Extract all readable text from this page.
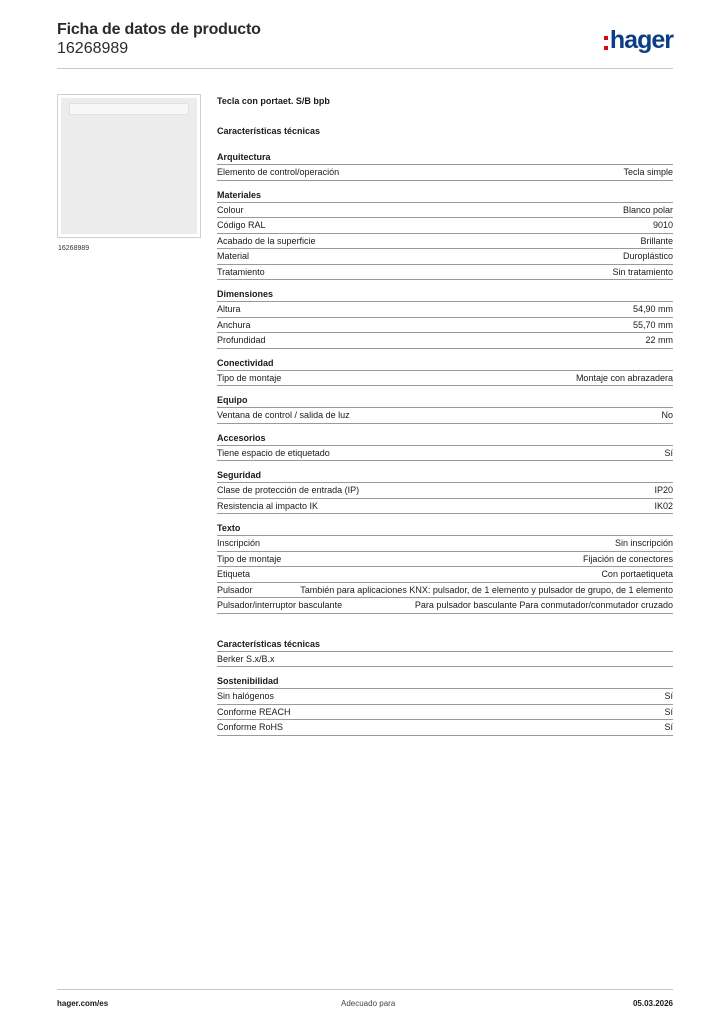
Ficha de datos de producto
16268989	hager
16268989
Tecla con portaet. S/B bpb
Características técnicas
Arquitectura
Elemento de control/operación	Tecla simple
Materiales
Colour	Blanco polar
Código RAL	9010
Acabado de la superficie	Brillante
Material	Duroplástico
Tratamiento	Sin tratamiento
Dimensiones
Altura	54,90 mm
Anchura	55,70 mm
Profundidad	22 mm
Conectividad
Tipo de montaje	Montaje con abrazadera
Equipo
Ventana de control / salida de luz	No
Accesorios
Tiene espacio de etiquetado	Sí
Seguridad
Clase de protección de entrada (IP)	IP20
Resistencia al impacto IK	IK02
Texto
Inscripción	Sin inscripción
Tipo de montaje	Fijación de conectores
Etiqueta	Con portaetiqueta
Pulsador	También para aplicaciones KNX: pulsador, de 1 elemento y pulsador de grupo, de 1 elemento
Pulsador/interruptor basculante	Para pulsador basculante Para conmutador/conmutador cruzado
Características técnicas
Berker S.x/B.x
Sostenibilidad
Sin halógenos	Sí
Conforme REACH	Sí
Conforme RoHS	Sí
hager.com/es	Adecuado para	05.03.2026
